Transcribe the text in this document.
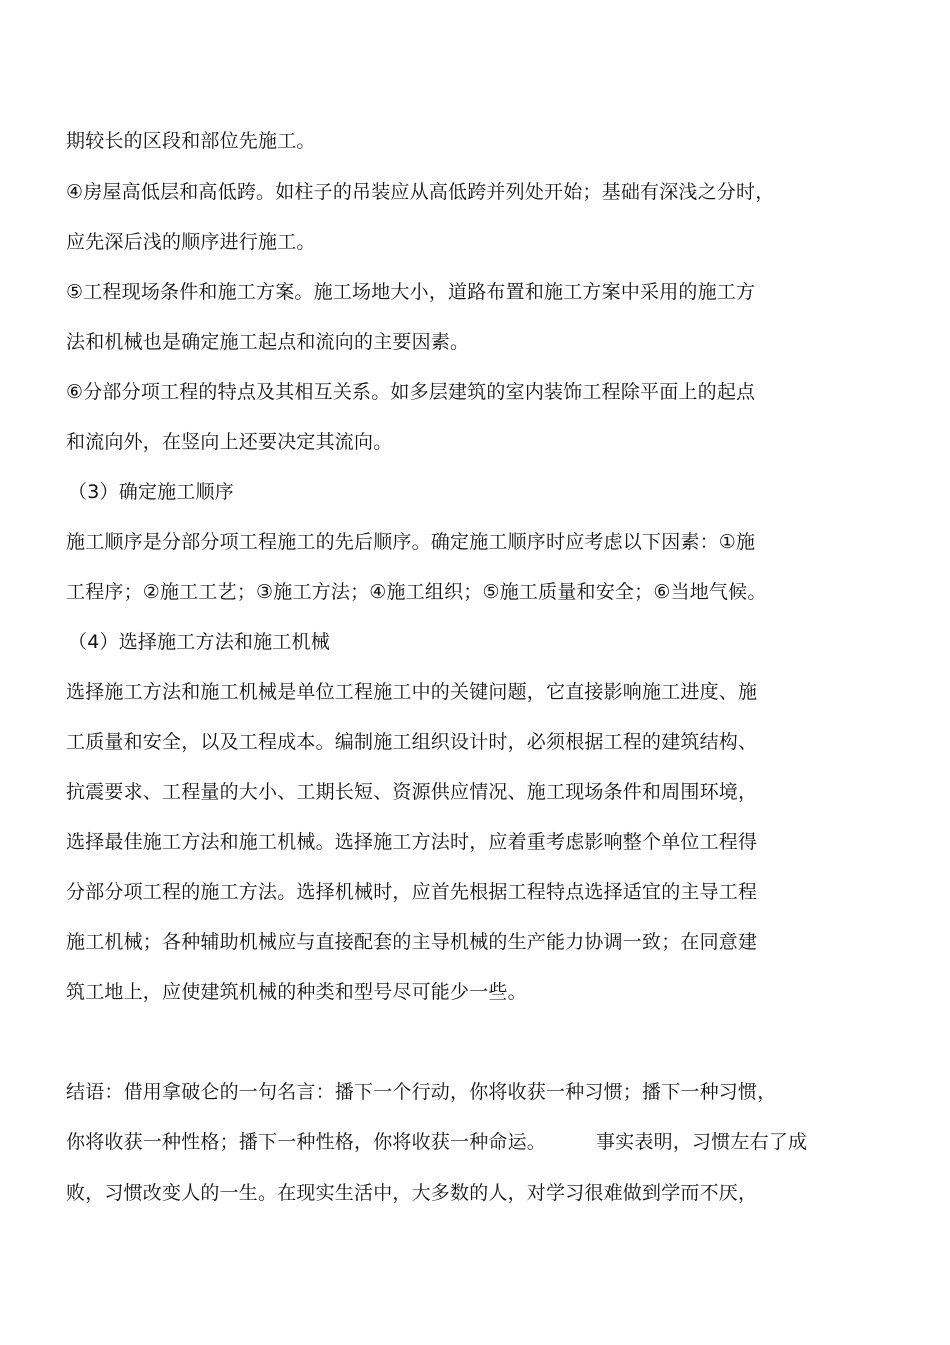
期较长的区段和部位先施工。
④房屋高低层和高低跨。如柱子的吊装应从高低跨并列处开始；基础有深浅之分时，
应先深后浅的顺序进行施工。
⑤工程现场条件和施工方案。施工场地大小，道路布置和施工方案中采用的施工方
法和机械也是确定施工起点和流向的主要因素。
⑥分部分项工程的特点及其相互关系。如多层建筑的室内装饰工程除平面上的起点
和流向外，在竖向上还要决定其流向。
（3）确定施工顺序
施工顺序是分部分项工程施工的先后顺序。确定施工顺序时应考虑以下因素：①施
工程序；②施工工艺；③施工方法；④施工组织；⑤施工质量和安全；⑥当地气候。
（4）选择施工方法和施工机械
选择施工方法和施工机械是单位工程施工中的关键问题，它直接影响施工进度、施
工质量和安全，以及工程成本。编制施工组织设计时，必须根据工程的建筑结构、
抗震要求、工程量的大小、工期长短、资源供应情况、施工现场条件和周围环境，
选择最佳施工方法和施工机械。选择施工方法时，应着重考虑影响整个单位工程得
分部分项工程的施工方法。选择机械时，应首先根据工程特点选择适宜的主导工程
施工机械；各种辅助机械应与直接配套的主导机械的生产能力协调一致；在同意建
筑工地上，应使建筑机械的种类和型号尽可能少一些。
结语：借用拿破仑的一句名言：播下一个行动，你将收获一种习惯；播下一种习惯，
你将收获一种性格；播下一种性格，你将收获一种命运。	事实表明，习惯左右了成
败，习惯改变人的一生。在现实生活中，大多数的人，对学习很难做到学而不厌，
